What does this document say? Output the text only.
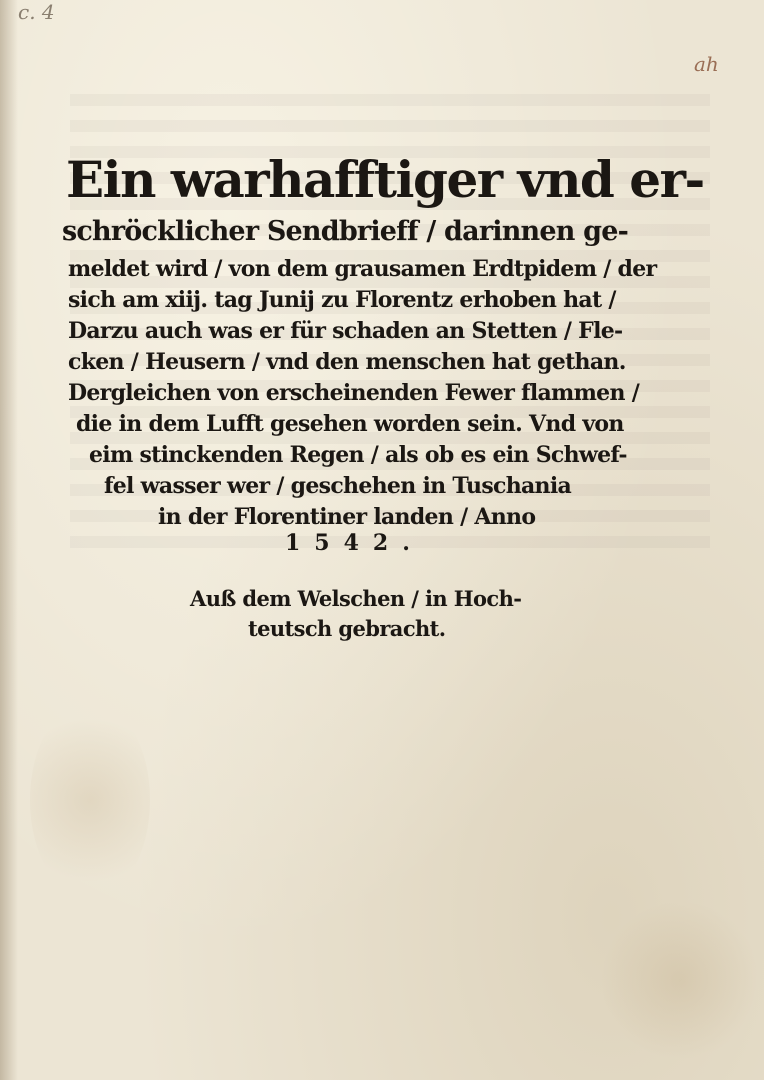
c. 4
ah
Ein warhafftiger vnd er-
schröcklicher Sendbrieff / darinnen ge-
meldet wird / von dem grausamen Erdtpidem / der
sich am xiij. tag Junij zu Florentz erhoben hat /
Darzu auch was er für schaden an Stetten / Fle-
cken / Heusern / vnd den menschen hat gethan.
Dergleichen von erscheinenden Fewer flammen /
die in dem Lufft gesehen worden sein. Vnd von
eim stinckenden Regen / als ob es ein Schwef-
fel wasser wer / geschehen in Tuschania
in der Florentiner landen / Anno
1542.
Auß dem Welschen / in Hoch-
teutsch gebracht.
